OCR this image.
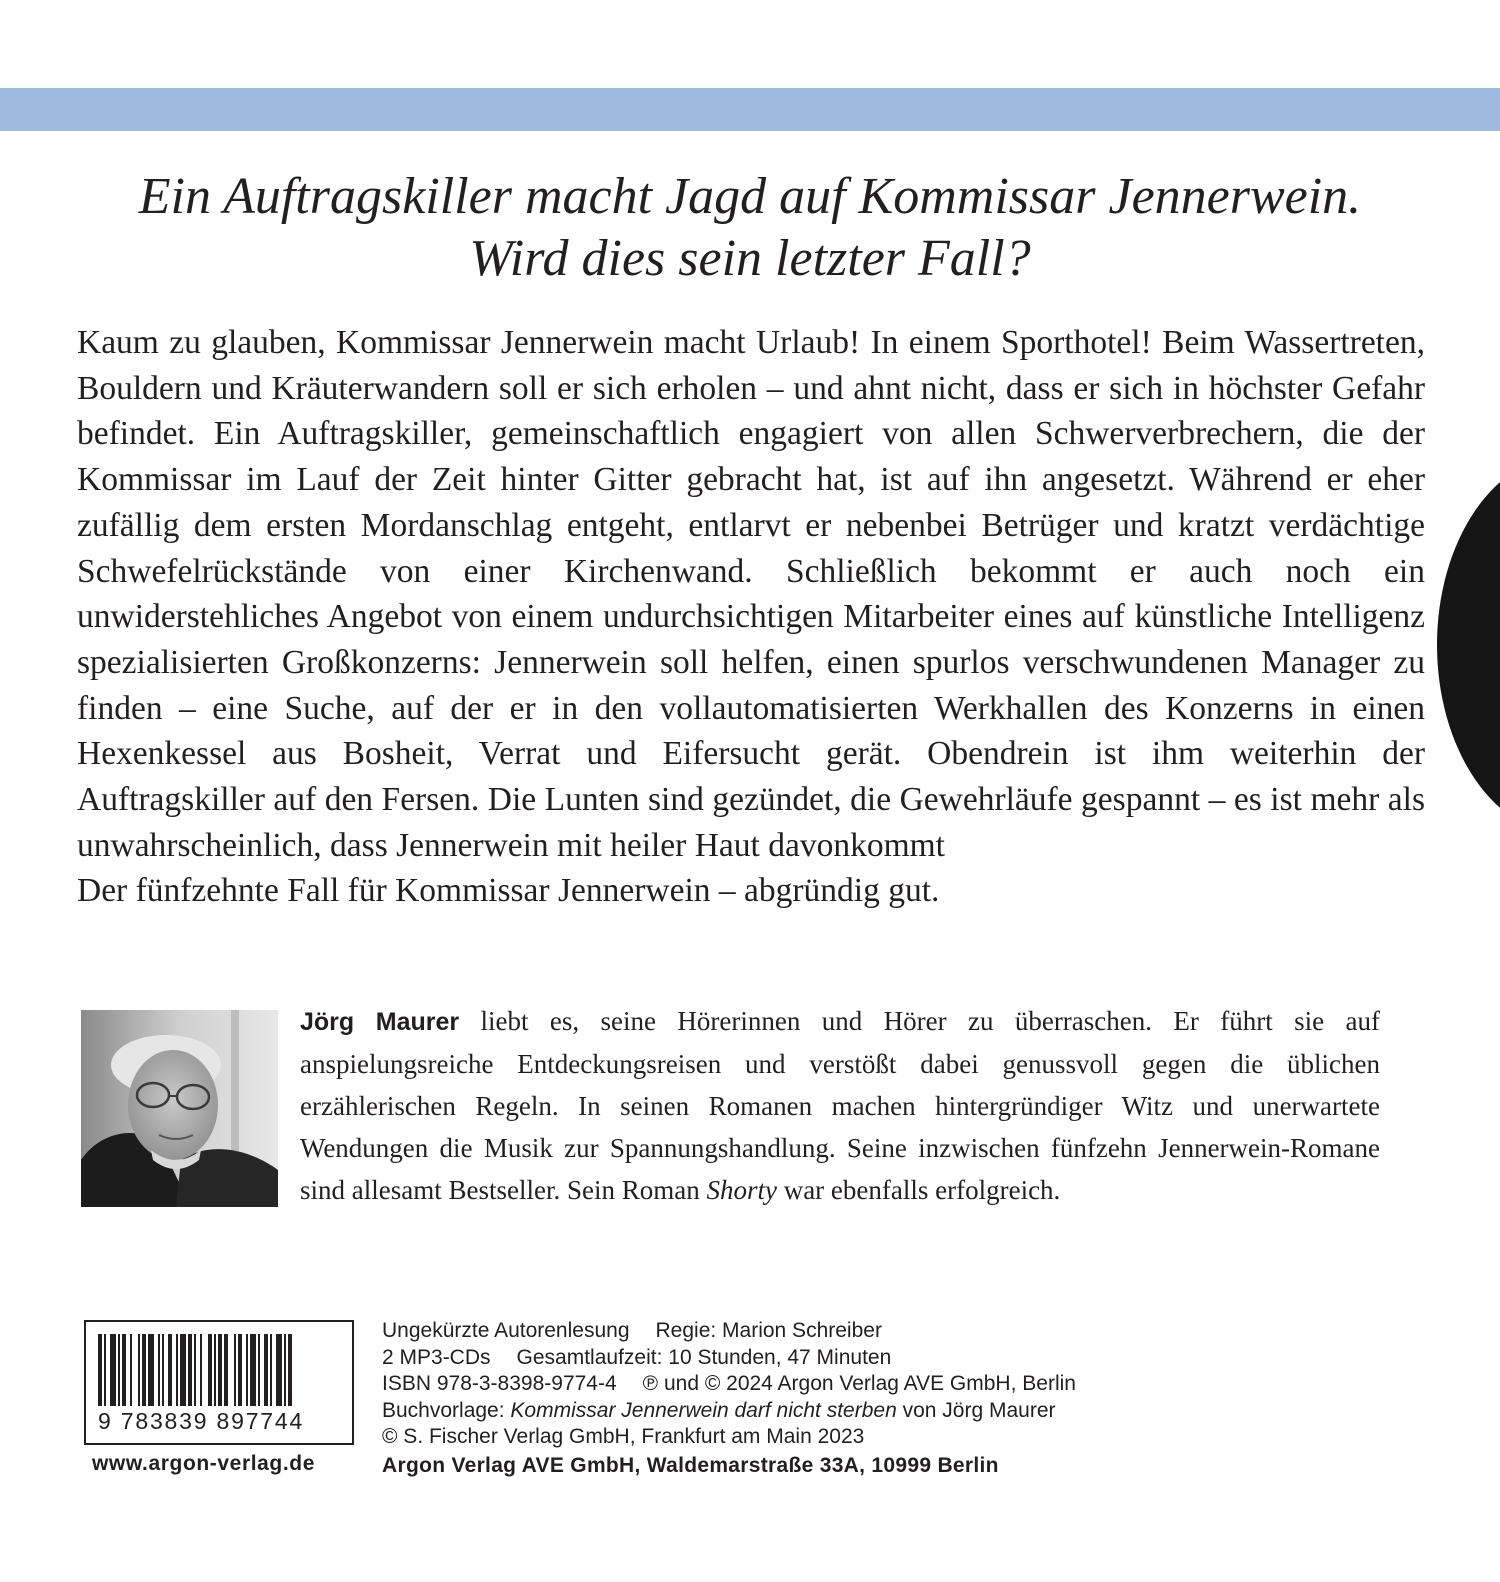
Ein Auftragskiller macht Jagd auf Kommissar Jennerwein.
Wird dies sein letzter Fall?

Kaum zu glauben, Kommissar Jennerwein macht Urlaub! In einem Sporthotel! Beim Wassertreten, Bouldern und Kräuterwandern soll er sich erholen – und ahnt nicht, dass er sich in höchster Gefahr befindet. Ein Auftragskiller, gemeinschaftlich engagiert von allen Schwerverbrechern, die der Kommissar im Lauf der Zeit hinter Gitter gebracht hat, ist auf ihn angesetzt. Während er eher zufällig dem ersten Mordanschlag entgeht, entlarvt er nebenbei Betrüger und kratzt verdächtige Schwefelrückstände von einer Kirchenwand. Schließlich bekommt er auch noch ein unwiderstehliches Angebot von einem undurchsichtigen Mitarbeiter eines auf künstliche Intelligenz spezialisierten Großkonzerns: Jennerwein soll helfen, einen spurlos verschwundenen Manager zu finden – eine Suche, auf der er in den vollautomatisierten Werkhallen des Konzerns in einen Hexenkessel aus Bosheit, Verrat und Eifersucht gerät. Obendrein ist ihm weiterhin der Auftragskiller auf den Fersen. Die Lunten sind gezündet, die Gewehrläufe gespannt – es ist mehr als unwahrscheinlich, dass Jennerwein mit heiler Haut davonkommt

Der fünfzehnte Fall für Kommissar Jennerwein – abgründig gut.

Jörg Maurer liebt es, seine Hörerinnen und Hörer zu überraschen. Er führt sie auf anspielungsreiche Entdeckungsreisen und verstößt dabei genussvoll gegen die üblichen erzählerischen Regeln. In seinen Romanen machen hintergründiger Witz und unerwartete Wendungen die Musik zur Spannungshandlung. Seine inzwischen fünfzehn Jennerwein-Romane sind allesamt Bestseller. Sein Roman Shorty war ebenfalls erfolgreich.
9 783839 897744
www.argon-verlag.de
Ungekürzte Autorenlesung Regie: Marion Schreiber
2 MP3-CDs Gesamtlaufzeit: 10 Stunden, 47 Minuten
ISBN 978-3-8398-9774-4 ℗ und © 2024 Argon Verlag AVE GmbH, Berlin
Buchvorlage: Kommissar Jennerwein darf nicht sterben von Jörg Maurer
© S. Fischer Verlag GmbH, Frankfurt am Main 2023
Argon Verlag AVE GmbH, Waldemarstraße 33A, 10999 Berlin
